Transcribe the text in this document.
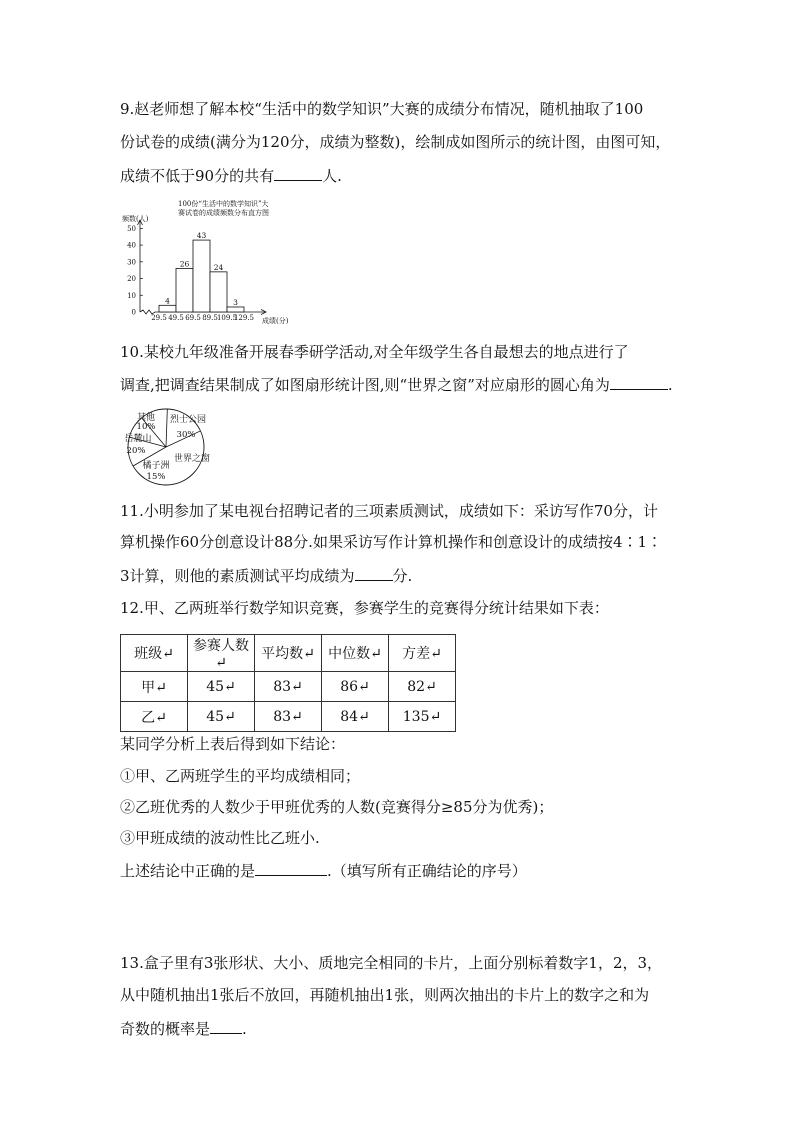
9.赵老师想了解本校“生活中的数学知识”大赛的成绩分布情况，随机抽取了100
份试卷的成绩(满分为120分，成绩为整数)，绘制成如图所示的统计图，由图可知，
成绩不低于90分的共有	人.
100份“生活中的数学知识”大
赛试卷的成绩频数分布直方图
频数(人)
50
40
30
20
10
0
29.5 49.5 69.5 89.5 109.5
129.5
4
26
43
24
3
成绩(分)
10.某校九年级准备开展春季研学活动,对全年级学生各自最想去的地点进行了
调查,把调查结果制成了如图扇形统计图,则“世界之窗”对应扇形的圆心角为	.
其他
10%
烈士公园
30%
岳麓山
20%
橘子洲
15%
世界之窗
11.小明参加了某电视台招聘记者的三项素质测试，成绩如下：采访写作70分，计
算机操作60分创意设计88分.如果采访写作计算机操作和创意设计的成绩按4∶1∶
3计算，则他的素质测试平均成绩为	分.
12.甲、乙两班举行数学知识竞赛，参赛学生的竞赛得分统计结果如下表：
班级↵	参赛人数↵	平均数↵	中位数↵	方差↵
甲↵	45↵	83↵	86↵	82↵
乙↵	45↵	83↵	84↵	135↵
某同学分析上表后得到如下结论：
①甲、乙两班学生的平均成绩相同；
②乙班优秀的人数少于甲班优秀的人数(竞赛得分≥85分为优秀)；
③甲班成绩的波动性比乙班小.
上述结论中正确的是	.（填写所有正确结论的序号）
13.盒子里有3张形状、大小、质地完全相同的卡片，上面分别标着数字1，2，3，
从中随机抽出1张后不放回，再随机抽出1张，则两次抽出的卡片上的数字之和为
奇数的概率是 .
